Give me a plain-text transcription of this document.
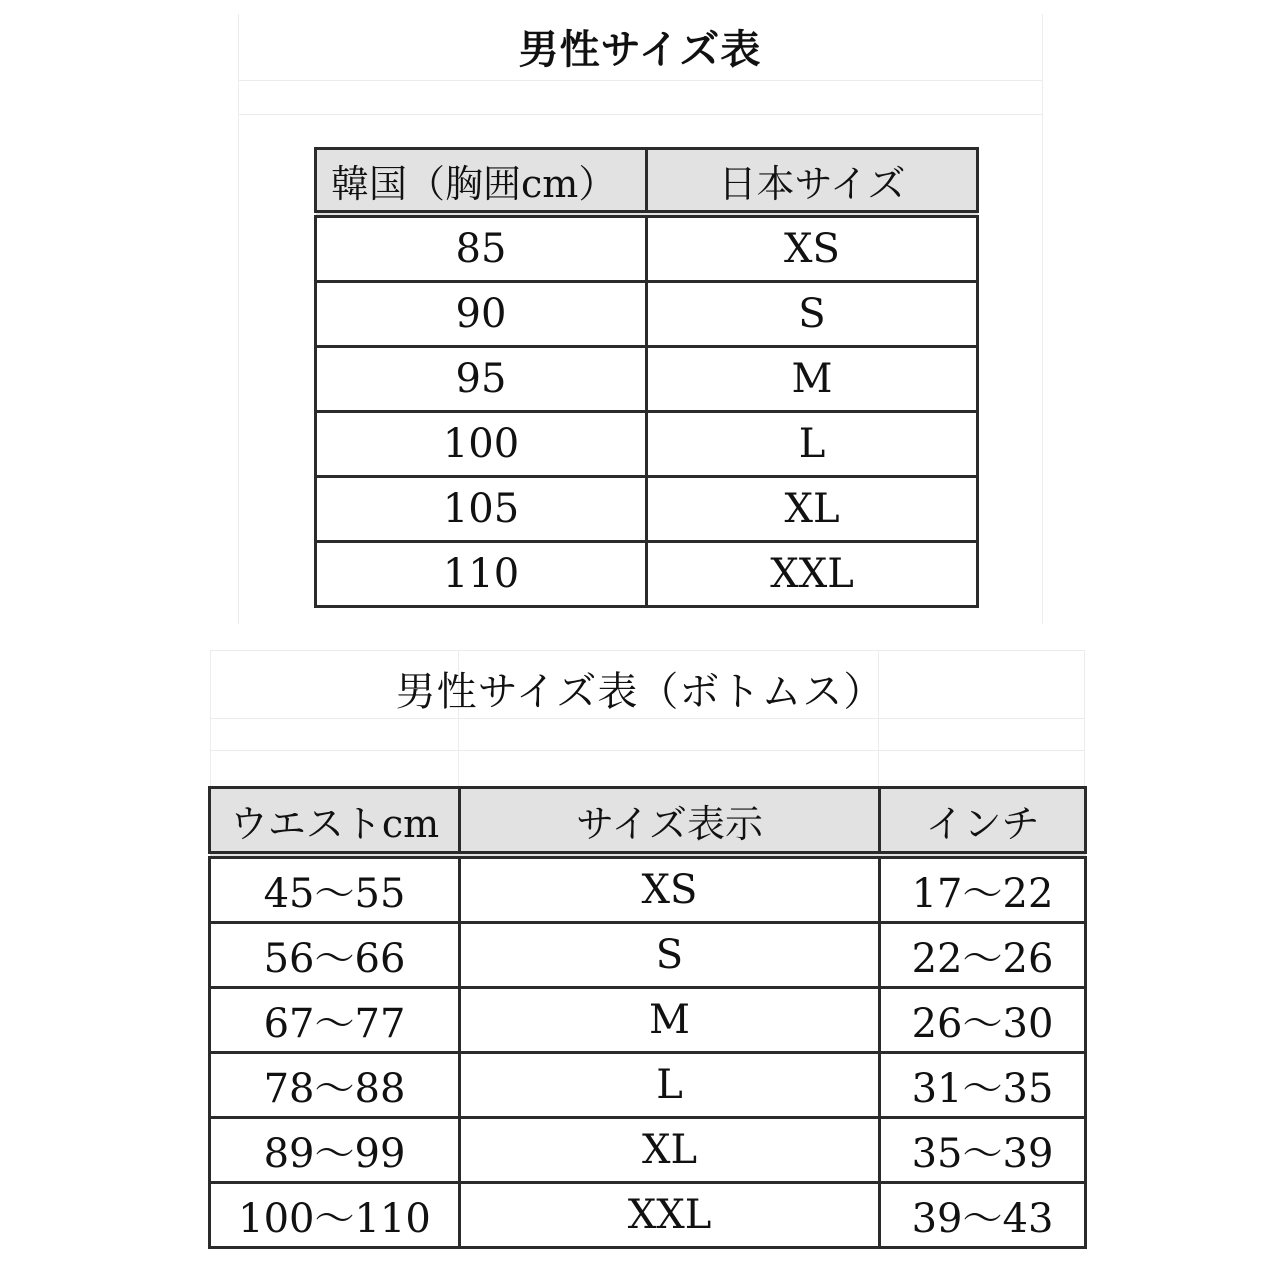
男性サイズ表
韓国（胸囲cm）	日本サイズ

85	XS
90	S
95	M
100	L
105	XL
110	XXL
男性サイズ表（ボトムス）
ウエストcm	サイズ表示	インチ

45〜55	XS	17〜22
56〜66	S	22〜26
67〜77	M	26〜30
78〜88	L	31〜35
89〜99	XL	35〜39
100〜110	XXL	39〜43
